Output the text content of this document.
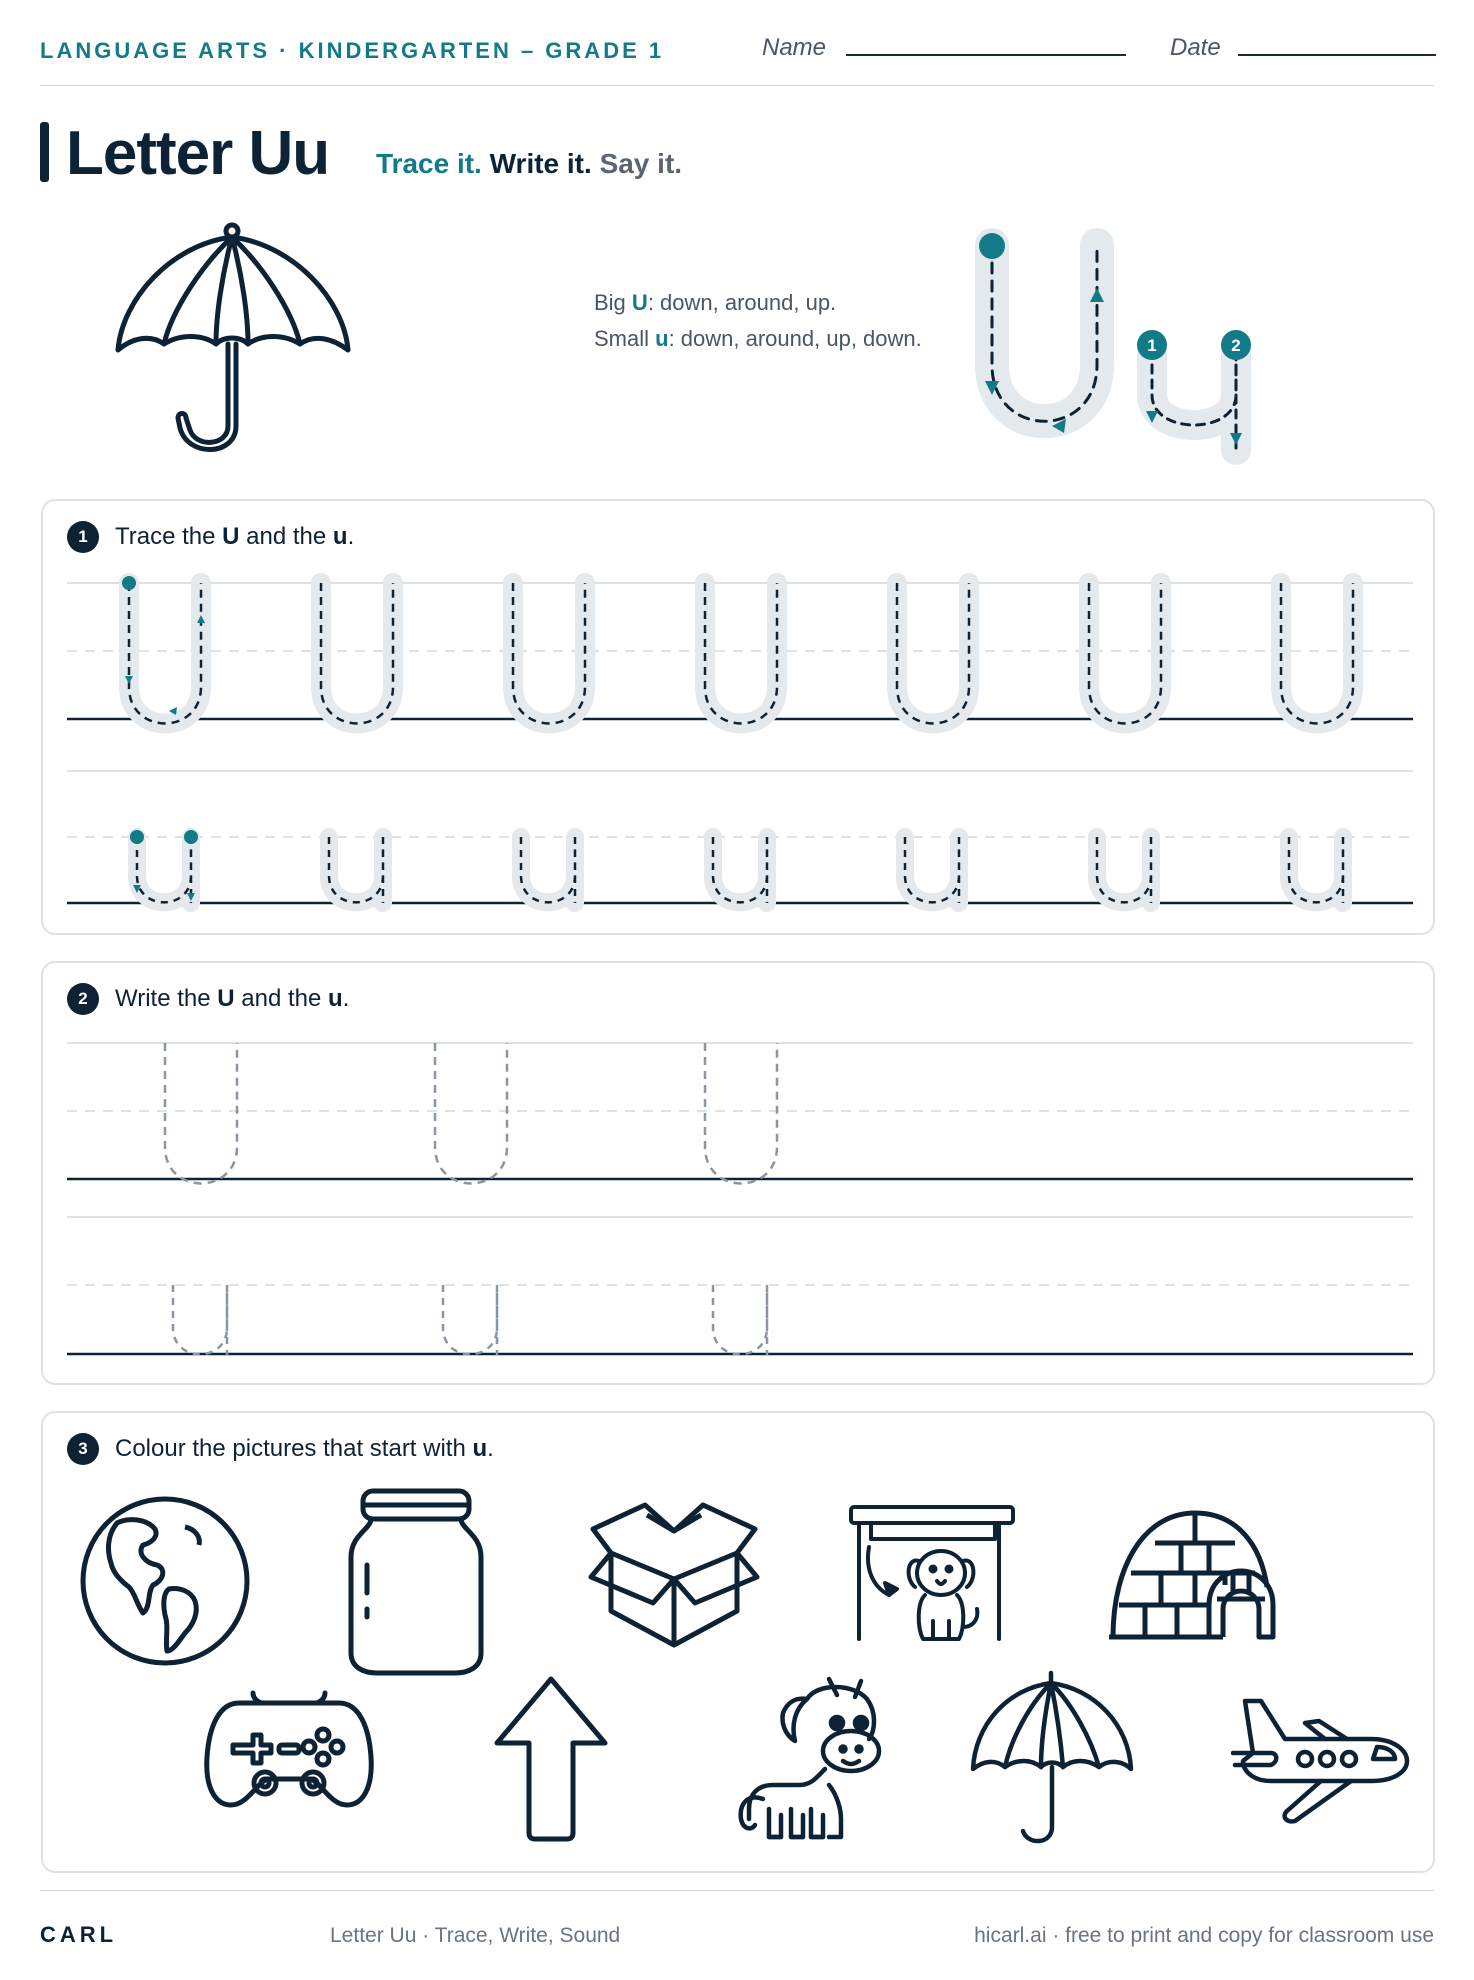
LANGUAGE ARTS · KINDERGARTEN – GRADE 1	Name	Date
Letter Uu Trace it. Write it. Say it.
Big U: down, around, up.
Small u: down, around, up, down.	1	2
1	Trace the U and the u.
2	Write the U and the u.
3	Colour the pictures that start with u.
CARL	Letter Uu · Trace, Write, Sound	hicarl.ai · free to print and copy for classroom use
